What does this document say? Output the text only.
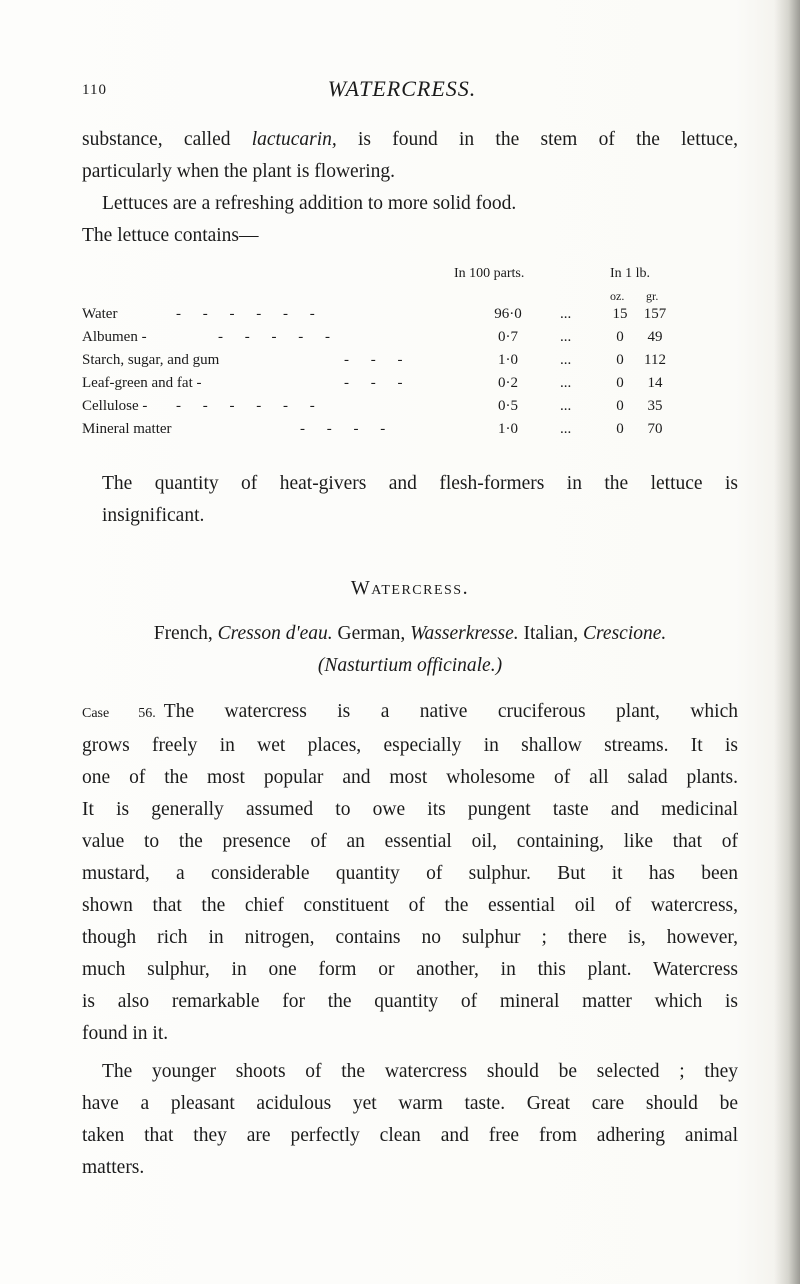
110	WATERCRESS.
substance, called lactucarin, is found in the stem of the lettuce,
particularly when the plant is flowering.
Lettuces are a refreshing addition to more solid food.
The lettuce contains—
In 100 parts.	In 1 lb.
oz. gr.
Water	- - - - - -	96·0	...	15	157
Albumen -	- - - - -	0·7	...	0	49
Starch, sugar, and gum	- - -	1·0	...	0	112
Leaf-green and fat -	- - -	0·2	...	0	14
Cellulose - - - - - - -	0·5	...	0	35
Mineral matter	- - - -	1·0	...	0	70
The quantity of heat-givers and flesh-formers in the lettuce is
insignificant.
Watercress.
French, Cresson d'eau. German, Wasserkresse. Italian, Crescione.
(Nasturtium officinale.)
Case 56. The watercress is a native cruciferous plant, which
grows freely in wet places, especially in shallow streams. It is
one of the most popular and most wholesome of all salad plants.
It is generally assumed to owe its pungent taste and medicinal
value to the presence of an essential oil, containing, like that of
mustard, a considerable quantity of sulphur. But it has been
shown that the chief constituent of the essential oil of watercress,
though rich in nitrogen, contains no sulphur ; there is, however,
much sulphur, in one form or another, in this plant. Watercress
is also remarkable for the quantity of mineral matter which is
found in it.
The younger shoots of the watercress should be selected ; they
have a pleasant acidulous yet warm taste. Great care should be
taken that they are perfectly clean and free from adhering animal
matters.
